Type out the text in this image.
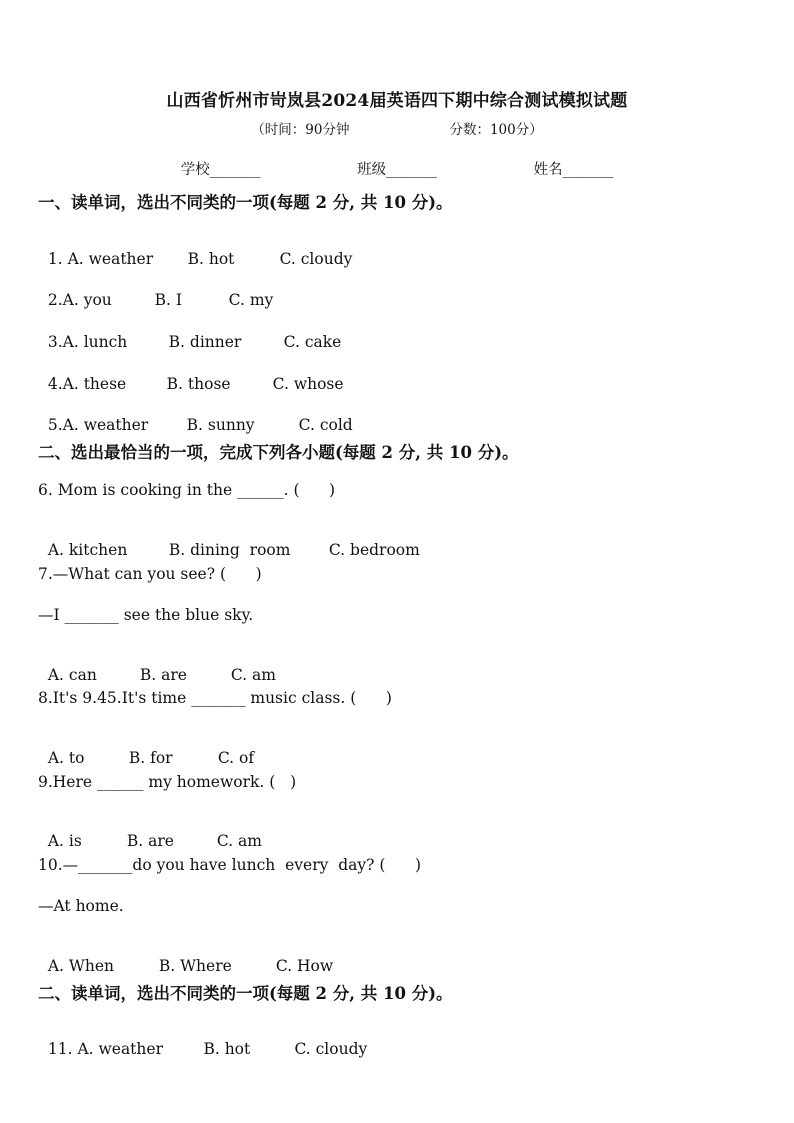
山西省忻州市岢岚县2024届英语四下期中综合测试模拟试题
（时间：90分钟	分数：100分）
学校_______	班级_______	姓名_______
一、读单词，选出不同类的一项(每题 2 分, 共 10 分)。

1. A. weather B. hot	C. cloudy

2.A. you	B. I	C. my

3.A. lunch	B. dinner	C. cake

4.A. these	B. those	C. whose

5.A. weather B. sunny	C. cold

二、选出最恰当的一项，完成下列各小题(每题 2 分, 共 10 分)。
6. Mom is cooking in the ______. (      )

A. kitchen	B. dining  room C. bedroom

7.—What can you see? (      )
—I _______ see the blue sky.

A. can	B. are	C. am

8.It's 9.45.It's time _______ music class. (      )

A. to	B. for	C. of

9.Here ______ my homework. (   )

A. is	B. are	C. am

10.—_______do you have lunch  every  day? (      )
—At home.

A. When	B. Where	C. How

二、读单词，选出不同类的一项(每题 2 分, 共 10 分)。

11. A. weather	B. hot	C. cloudy
